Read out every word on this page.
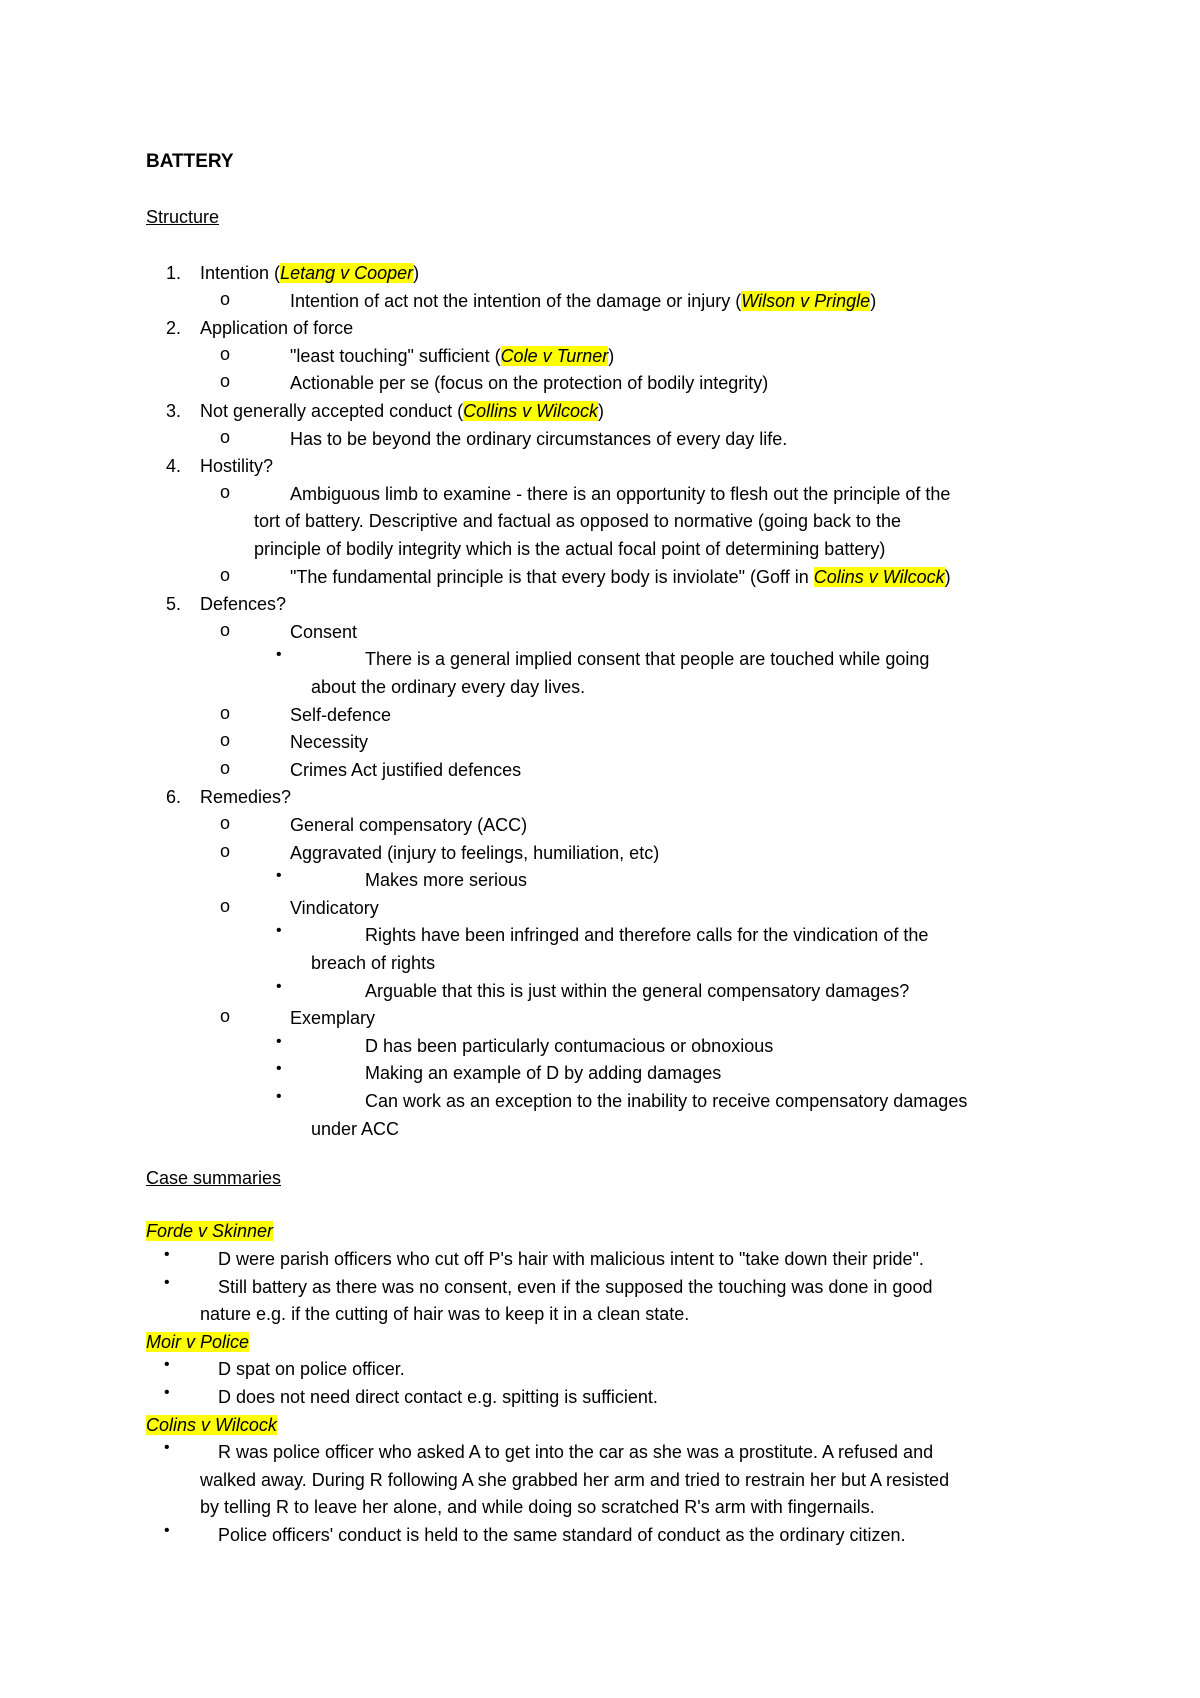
BATTERY
Structure
1. Intention (Letang v Cooper)
o	Intention of act not the intention of the damage or injury (Wilson v Pringle)
2. Application of force
o	"least touching" sufficient (Cole v Turner)
o	Actionable per se (focus on the protection of bodily integrity)
3. Not generally accepted conduct (Collins v Wilcock)
o	Has to be beyond the ordinary circumstances of every day life.
4. Hostility?
o	Ambiguous limb to examine - there is an opportunity to flesh out the principle of the
tort of battery. Descriptive and factual as opposed to normative (going back to the
principle of bodily integrity which is the actual focal point of determining battery)
o	"The fundamental principle is that every body is inviolate" (Goff in Colins v Wilcock)
5. Defences?
o	Consent
•	There is a general implied consent that people are touched while going
about the ordinary every day lives.
o	Self-defence
o	Necessity
o	Crimes Act justified defences
6. Remedies?
o	General compensatory (ACC)
o	Aggravated (injury to feelings, humiliation, etc)
•	Makes more serious
o	Vindicatory
•	Rights have been infringed and therefore calls for the vindication of the
breach of rights
•	Arguable that this is just within the general compensatory damages?
o	Exemplary
•	D has been particularly contumacious or obnoxious
•	Making an example of D by adding damages
•	Can work as an exception to the inability to receive compensatory damages
under ACC
Case summaries
Forde v Skinner
•	D were parish officers who cut off P's hair with malicious intent to "take down their pride".
•	Still battery as there was no consent, even if the supposed the touching was done in good
nature e.g. if the cutting of hair was to keep it in a clean state.
Moir v Police
•	D spat on police officer.
•	D does not need direct contact e.g. spitting is sufficient.
Colins v Wilcock
•	R was police officer who asked A to get into the car as she was a prostitute. A refused and
walked away. During R following A she grabbed her arm and tried to restrain her but A resisted
by telling R to leave her alone, and while doing so scratched R's arm with fingernails.
•	Police officers' conduct is held to the same standard of conduct as the ordinary citizen.
